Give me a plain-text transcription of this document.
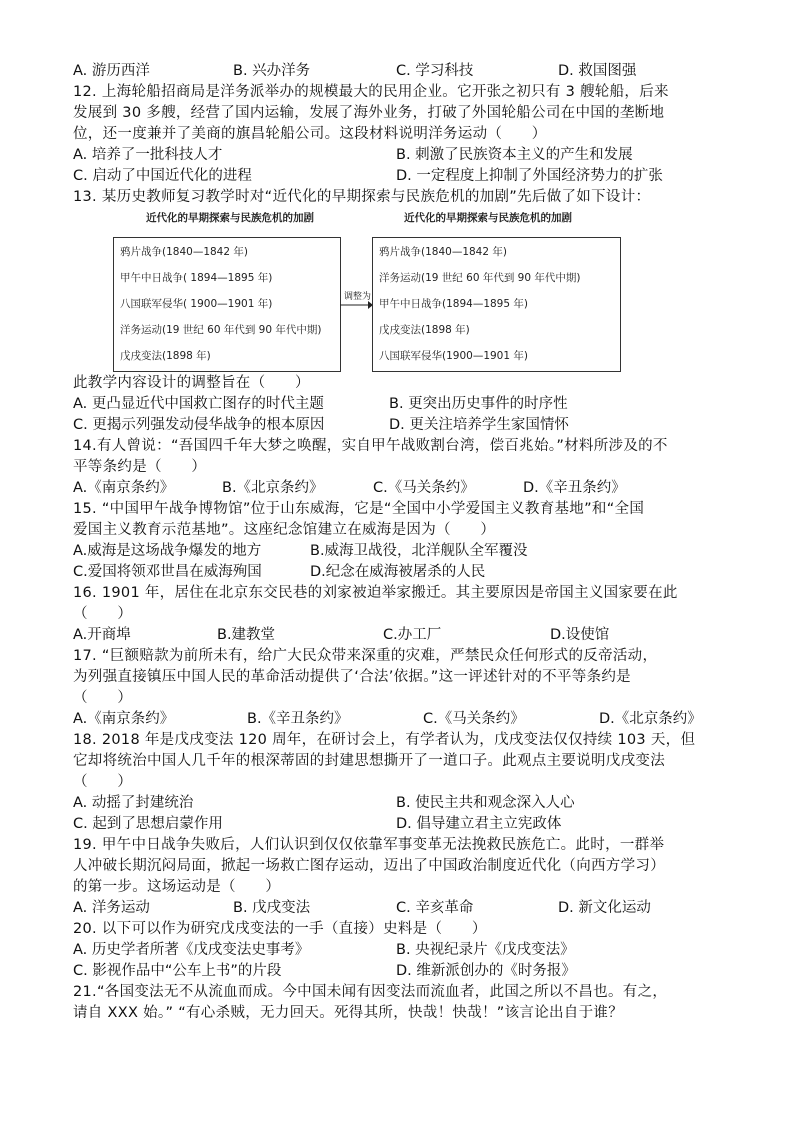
A. 游历西洋	B. 兴办洋务	C. 学习科技	D. 救国图强
12. 上海轮船招商局是洋务派举办的规模最大的民用企业。它开张之初只有 3 艘轮船，后来
发展到 30 多艘，经营了国内运输，发展了海外业务，打破了外国轮船公司在中国的垄断地
位，还一度兼并了美商的旗昌轮船公司。这段材料说明洋务运动（　　）
A. 培养了一批科技人才	B. 刺激了民族资本主义的产生和发展
C. 启动了中国近代化的进程	D. 一定程度上抑制了外国经济势力的扩张
13. 某历史教师复习教学时对“近代化的早期探索与民族危机的加剧”先后做了如下设计：
近代化的早期探索与民族危机的加剧	近代化的早期探索与民族危机的加剧
鸦片战争(1840—1842 年)
甲午中日战争( 1894—1895 年)
八国联军侵华( 1900—1901 年)
洋务运动(19 世纪 60 年代到 90 年代中期)
戊戌变法(1898 年)
调整为
鸦片战争(1840—1842 年)
洋务运动(19 世纪 60 年代到 90 年代中期)
甲午中日战争(1894—1895 年)
戊戌变法(1898 年)
八国联军侵华(1900—1901 年)
此教学内容设计的调整旨在（　　）
A. 更凸显近代中国救亡图存的时代主题	B. 更突出历史事件的时序性
C. 更揭示列强发动侵华战争的根本原因	D. 更关注培养学生家国情怀
14.有人曾说：“吾国四千年大梦之唤醒，实自甲午战败割台湾，偿百兆始。”材料所涉及的不
平等条约是（　　）
A.《南京条约》	B.《北京条约》	C.《马关条约》	D.《辛丑条约》
15. “中国甲午战争博物馆”位于山东威海，它是“全国中小学爱国主义教育基地”和“全国
爱国主义教育示范基地”。这座纪念馆建立在威海是因为（　　）
A.威海是这场战争爆发的地方	B.威海卫战役，北洋舰队全军覆没
C.爱国将领邓世昌在威海殉国	D.纪念在威海被屠杀的人民
16. 1901 年，居住在北京东交民巷的刘家被迫举家搬迁。其主要原因是帝国主义国家要在此
（　　）
A.开商埠	B.建教堂	C.办工厂	D.设使馆
17. “巨额赔款为前所未有，给广大民众带来深重的灾难，严禁民众任何形式的反帝活动，
为列强直接镇压中国人民的革命活动提供了‘合法’依据。”这一评述针对的不平等条约是
（　　）
A.《南京条约》	B.《辛丑条约》	C.《马关条约》	D.《北京条约》
18. 2018 年是戊戌变法 120 周年，在研讨会上，有学者认为，戊戌变法仅仅持续 103 天，但
它却将统治中国人几千年的根深蒂固的封建思想撕开了一道口子。此观点主要说明戊戌变法
（　　）
A. 动摇了封建统治	B. 使民主共和观念深入人心
C. 起到了思想启蒙作用	D. 倡导建立君主立宪政体
19. 甲午中日战争失败后，人们认识到仅仅依靠军事变革无法挽救民族危亡。此时，一群举
人冲破长期沉闷局面，掀起一场救亡图存运动，迈出了中国政治制度近代化（向西方学习）
的第一步。这场运动是（　　）
A. 洋务运动	B. 戊戌变法	C. 辛亥革命	D. 新文化运动
20. 以下可以作为研究戊戌变法的一手（直接）史料是（　　）
A. 历史学者所著《戊戌变法史事考》	B. 央视纪录片《戊戌变法》
C. 影视作品中“公车上书”的片段	D. 维新派创办的《时务报》
21.“各国变法无不从流血而成。今中国未闻有因变法而流血者，此国之所以不昌也。有之，
请自 XXX 始。” “有心杀贼，无力回天。死得其所，快哉！快哉！”该言论出自于谁？
